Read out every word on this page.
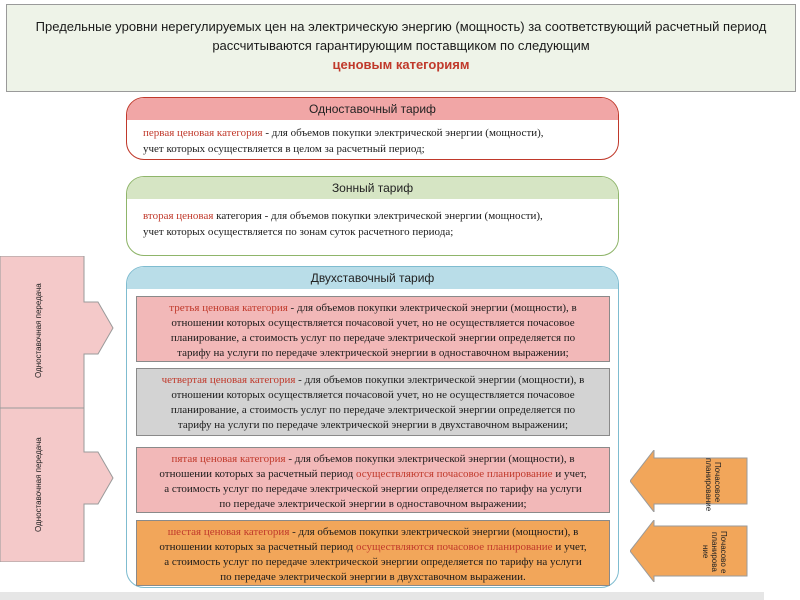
Предельные уровни нерегулируемых цен на электрическую энергию (мощность) за соответствующий расчетный период
рассчитываются гарантирующим поставщиком по следующим
ценовым категориям
Одноставочный тариф
первая ценовая категория - для объемов покупки электрической энергии (мощности),
учет которых осуществляется в целом за расчетный период;
Зонный тариф
вторая ценовая категория - для объемов покупки электрической энергии (мощности),
учет которых осуществляется по зонам суток расчетного периода;
Двухставочный тариф
третья ценовая категория - для объемов покупки электрической энергии (мощности), в
отношении которых осуществляется почасовой учет, но не осуществляется почасовое
планирование, а стоимость услуг по передаче электрической энергии определяется по
тарифу на услуги по передаче электрической энергии в одноставочном выражении;
четвертая ценовая категория - для объемов покупки электрической энергии (мощности), в
отношении которых осуществляется почасовой учет, но не осуществляется почасовое
планирование, а стоимость услуг по передаче электрической энергии определяется по
тарифу на услуги по передаче электрической энергии в двухставочном выражении;
пятая ценовая категория - для объемов покупки электрической энергии (мощности), в
отношении которых за расчетный период осуществляются почасовое планирование и учет,
а стоимость услуг по передаче электрической энергии определяется по тарифу на услуги
по передаче электрической энергии в одноставочном выражении;
шестая ценовая категория - для объемов покупки электрической энергии (мощности), в
отношении которых за расчетный период осуществляются почасовое планирование и учет,
а стоимость услуг по передаче электрической энергии определяется по тарифу на услуги
по передаче электрической энергии в двухставочном выражении.
Одноставочная передача
Одноставочная передача	Почасовое планирование
Почасово е планирова ние
